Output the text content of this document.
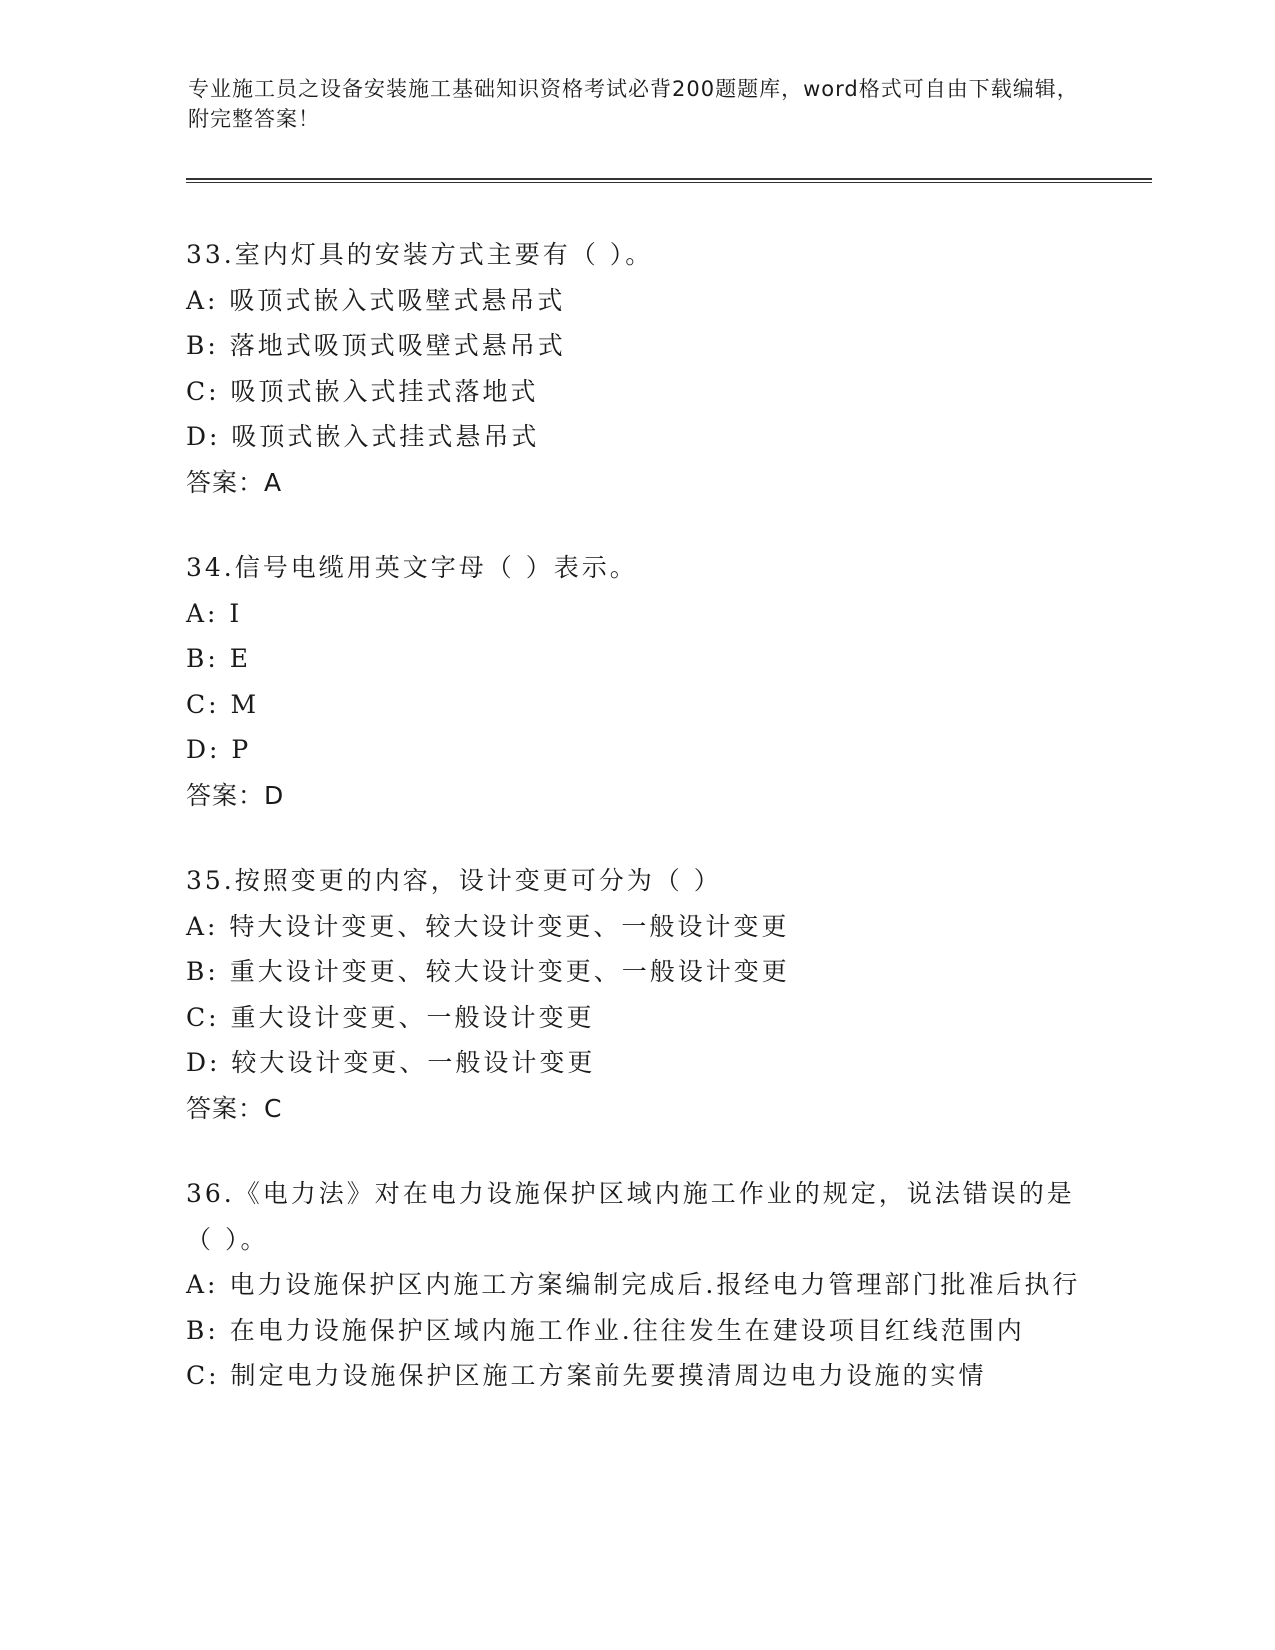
专业施工员之设备安装施工基础知识资格考试必背200题题库，word格式可自由下载编辑，附完整答案！
33.室内灯具的安装方式主要有（ ）。
A: 吸顶式嵌入式吸壁式悬吊式
B: 落地式吸顶式吸壁式悬吊式
C: 吸顶式嵌入式挂式落地式
D: 吸顶式嵌入式挂式悬吊式
答案：A
34.信号电缆用英文字母（ ）表示。
A: I
B: E
C: M
D: P
答案：D
35.按照变更的内容，设计变更可分为（ ）
A: 特大设计变更、较大设计变更、一般设计变更
B: 重大设计变更、较大设计变更、一般设计变更
C: 重大设计变更、一般设计变更
D: 较大设计变更、一般设计变更
答案：C
36.《电力法》对在电力设施保护区域内施工作业的规定，说法错误的是（ ）。
A: 电力设施保护区内施工方案编制完成后.报经电力管理部门批准后执行
B: 在电力设施保护区域内施工作业.往往发生在建设项目红线范围内
C: 制定电力设施保护区施工方案前先要摸清周边电力设施的实情
